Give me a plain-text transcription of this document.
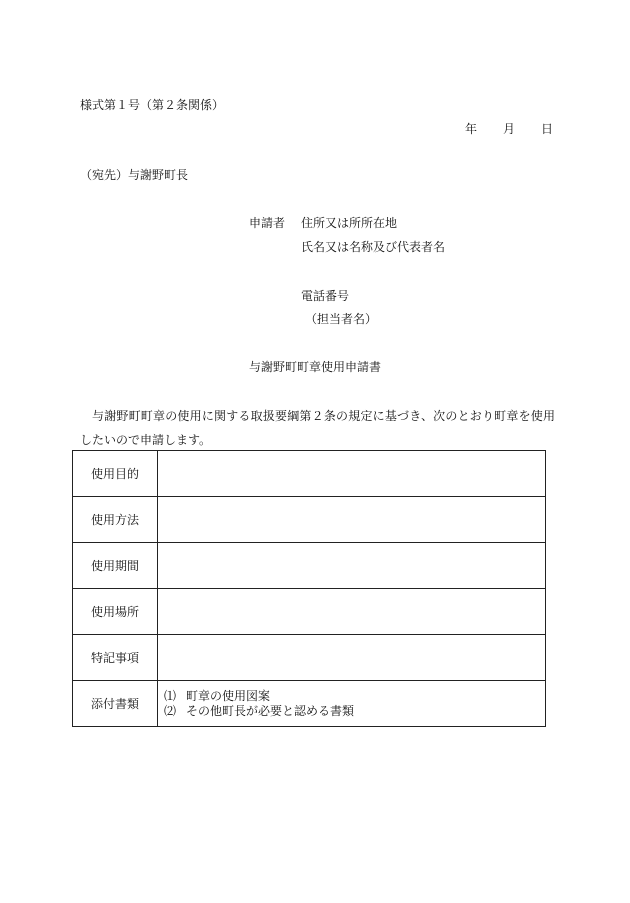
様式第１号（第２条関係）
年 月 日
（宛先）与謝野町長
申請者 住所又は所所在地
氏名又は名称及び代表者名
電話番号
（担当者名）
与謝野町町章使用申請書
与謝野町町章の使用に関する取扱要綱第２条の規定に基づき、次のとおり町章を使用したいので申請します。
使用目的	
使用方法	
使用期間	
使用場所	
特記事項	
添付書類	⑴ 町章の使用図案
⑵ その他町長が必要と認める書類
